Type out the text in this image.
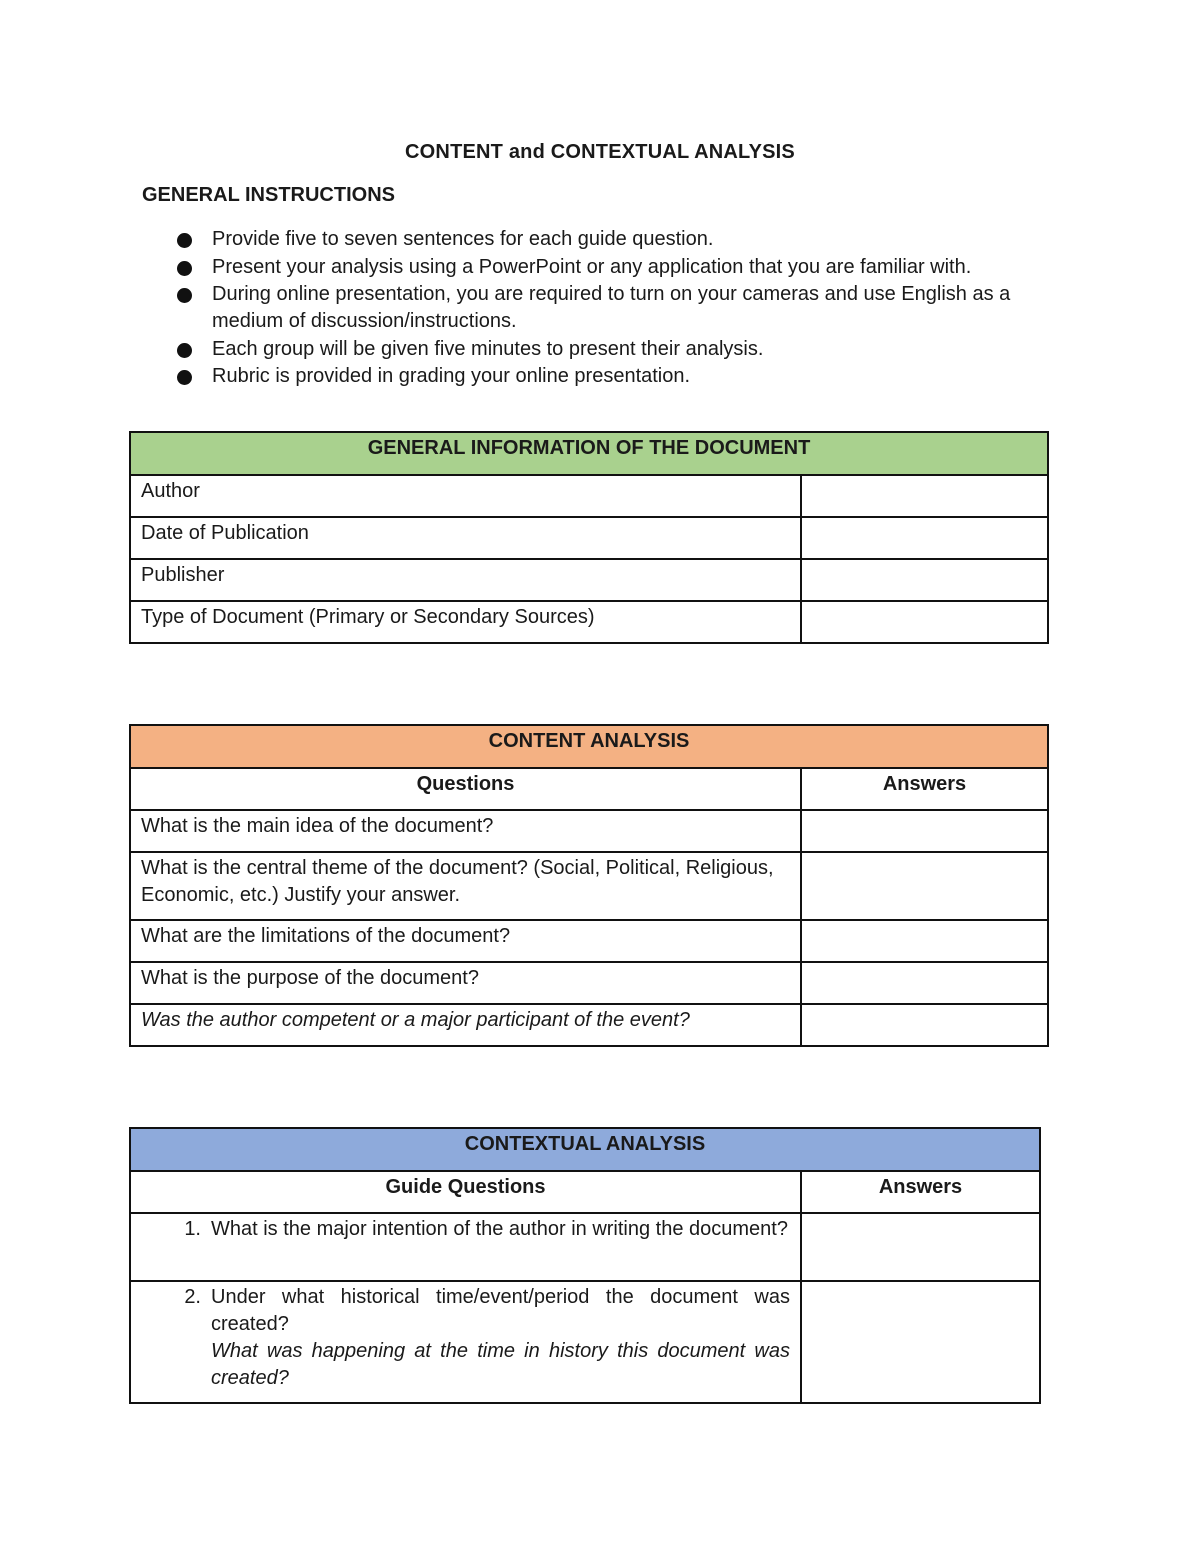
CONTENT and CONTEXTUAL ANALYSIS
GENERAL INSTRUCTIONS
Provide five to seven sentences for each guide question.
Present your analysis using a PowerPoint or any application that you are familiar with.
During online presentation, you are required to turn on your cameras and use English as a medium of discussion/instructions.
Each group will be given five minutes to present their analysis.
Rubric is provided in grading your online presentation.
GENERAL INFORMATION OF THE DOCUMENT	
Author	
Date of Publication	
Publisher	
Type of Document (Primary or Secondary Sources)	
CONTENT ANALYSIS	
Questions	Answers
What is the main idea of the document?	
What is the central theme of the document? (Social, Political, Religious, Economic, etc.) Justify your answer.	
What are the limitations of the document?	
What is the purpose of the document?	
Was the author competent or a major participant of the event?	
CONTEXTUAL ANALYSIS	
Guide Questions	Answers

1. What is the major intention of the author in writing the document?	

2. Under what historical time/event/period the document was created?
What was happening at the time in history this document was created?	
